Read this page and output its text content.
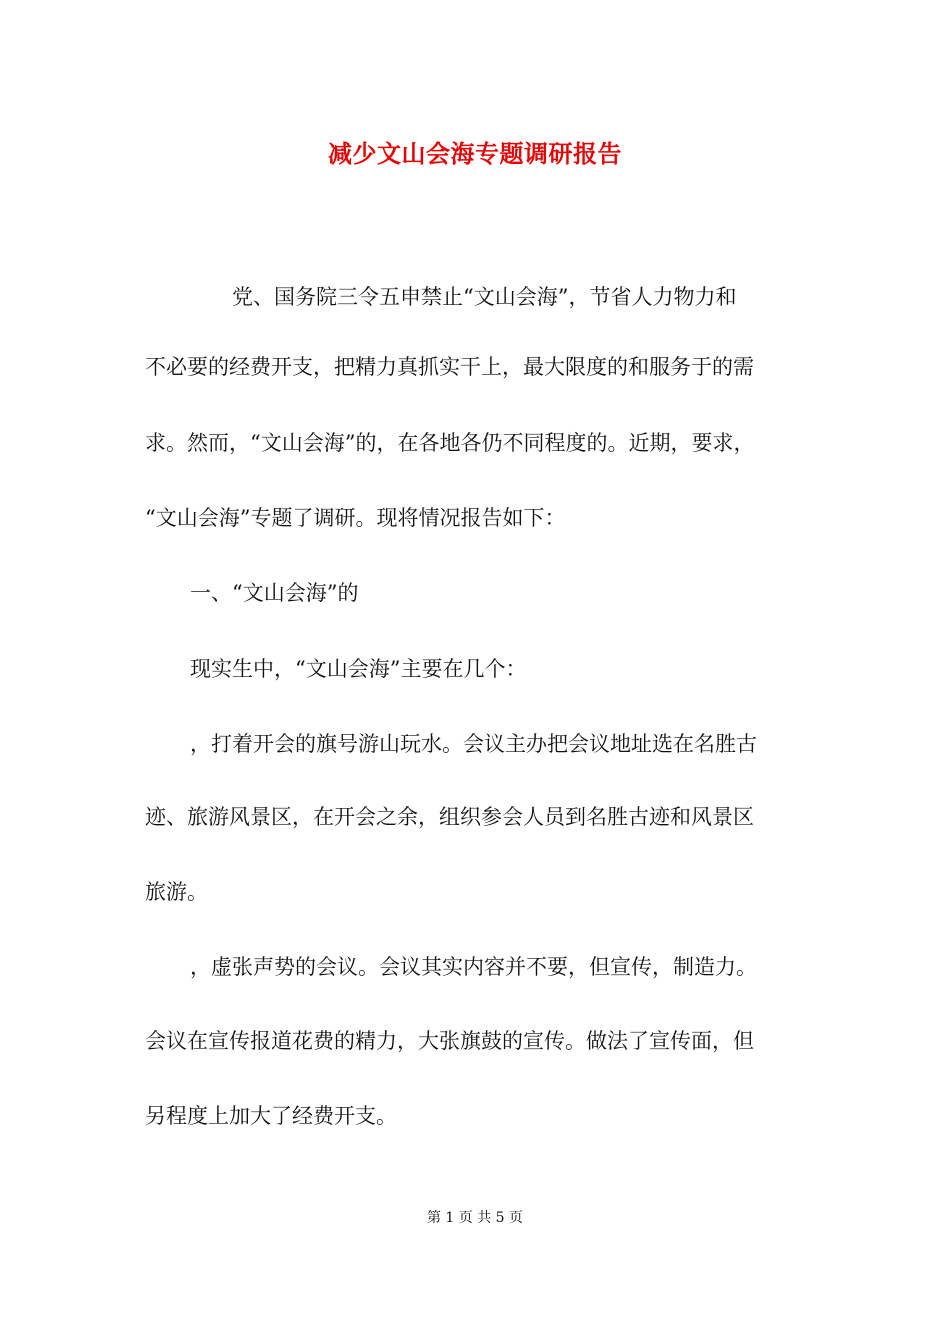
减少文山会海专题调研报告
党、国务院三令五申禁止“文山会海”，节省人力物力和
不必要的经费开支，把精力真抓实干上，最大限度的和服务于的需
求。然而，“文山会海”的，在各地各仍不同程度的。近期，要求，
“文山会海”专题了调研。现将情况报告如下：
一、“文山会海”的
现实生中，“文山会海”主要在几个：
，打着开会的旗号游山玩水。会议主办把会议地址选在名胜古
迹、旅游风景区，在开会之余，组织参会人员到名胜古迹和风景区
旅游。
，虚张声势的会议。会议其实内容并不要，但宣传，制造力。
会议在宣传报道花费的精力，大张旗鼓的宣传。做法了宣传面，但
另程度上加大了经费开支。
第 1 页 共 5 页
